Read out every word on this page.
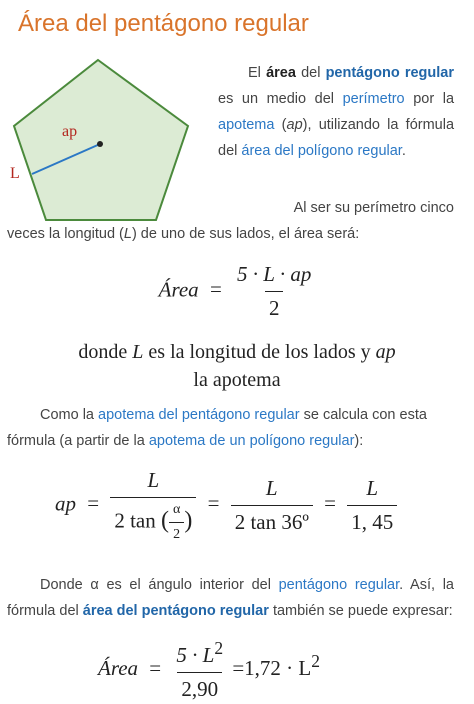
Área del pentágono regular
ap
L
El área del pentágono regular es un medio del perímetro por la apotema (ap), utilizando la fórmula del área del polígono regular.
Al ser su perímetro cinco
veces la longitud (L) de uno de sus lados, el área será:
Área = $\frac{5 \cdot L \cdot ap}{2}$
donde L es la longitud de los lados y ap
la apotema
Como la apotema del pentágono regular se calcula con esta fórmula (a partir de la apotema de un polígono regular):
ap = $\frac{L}{2 \tan ( \frac{\alpha}{2} )} = \frac{L}{\text{2 tan 36º}} = \frac{L}{1, 45}$
Donde α es el ángulo interior del pentágono regular. Así, la fórmula del área del pentágono regular también se puede expresar:
Área = $\frac{5 \cdot L^2}{2,90} =1,72 \cdot L^2$
